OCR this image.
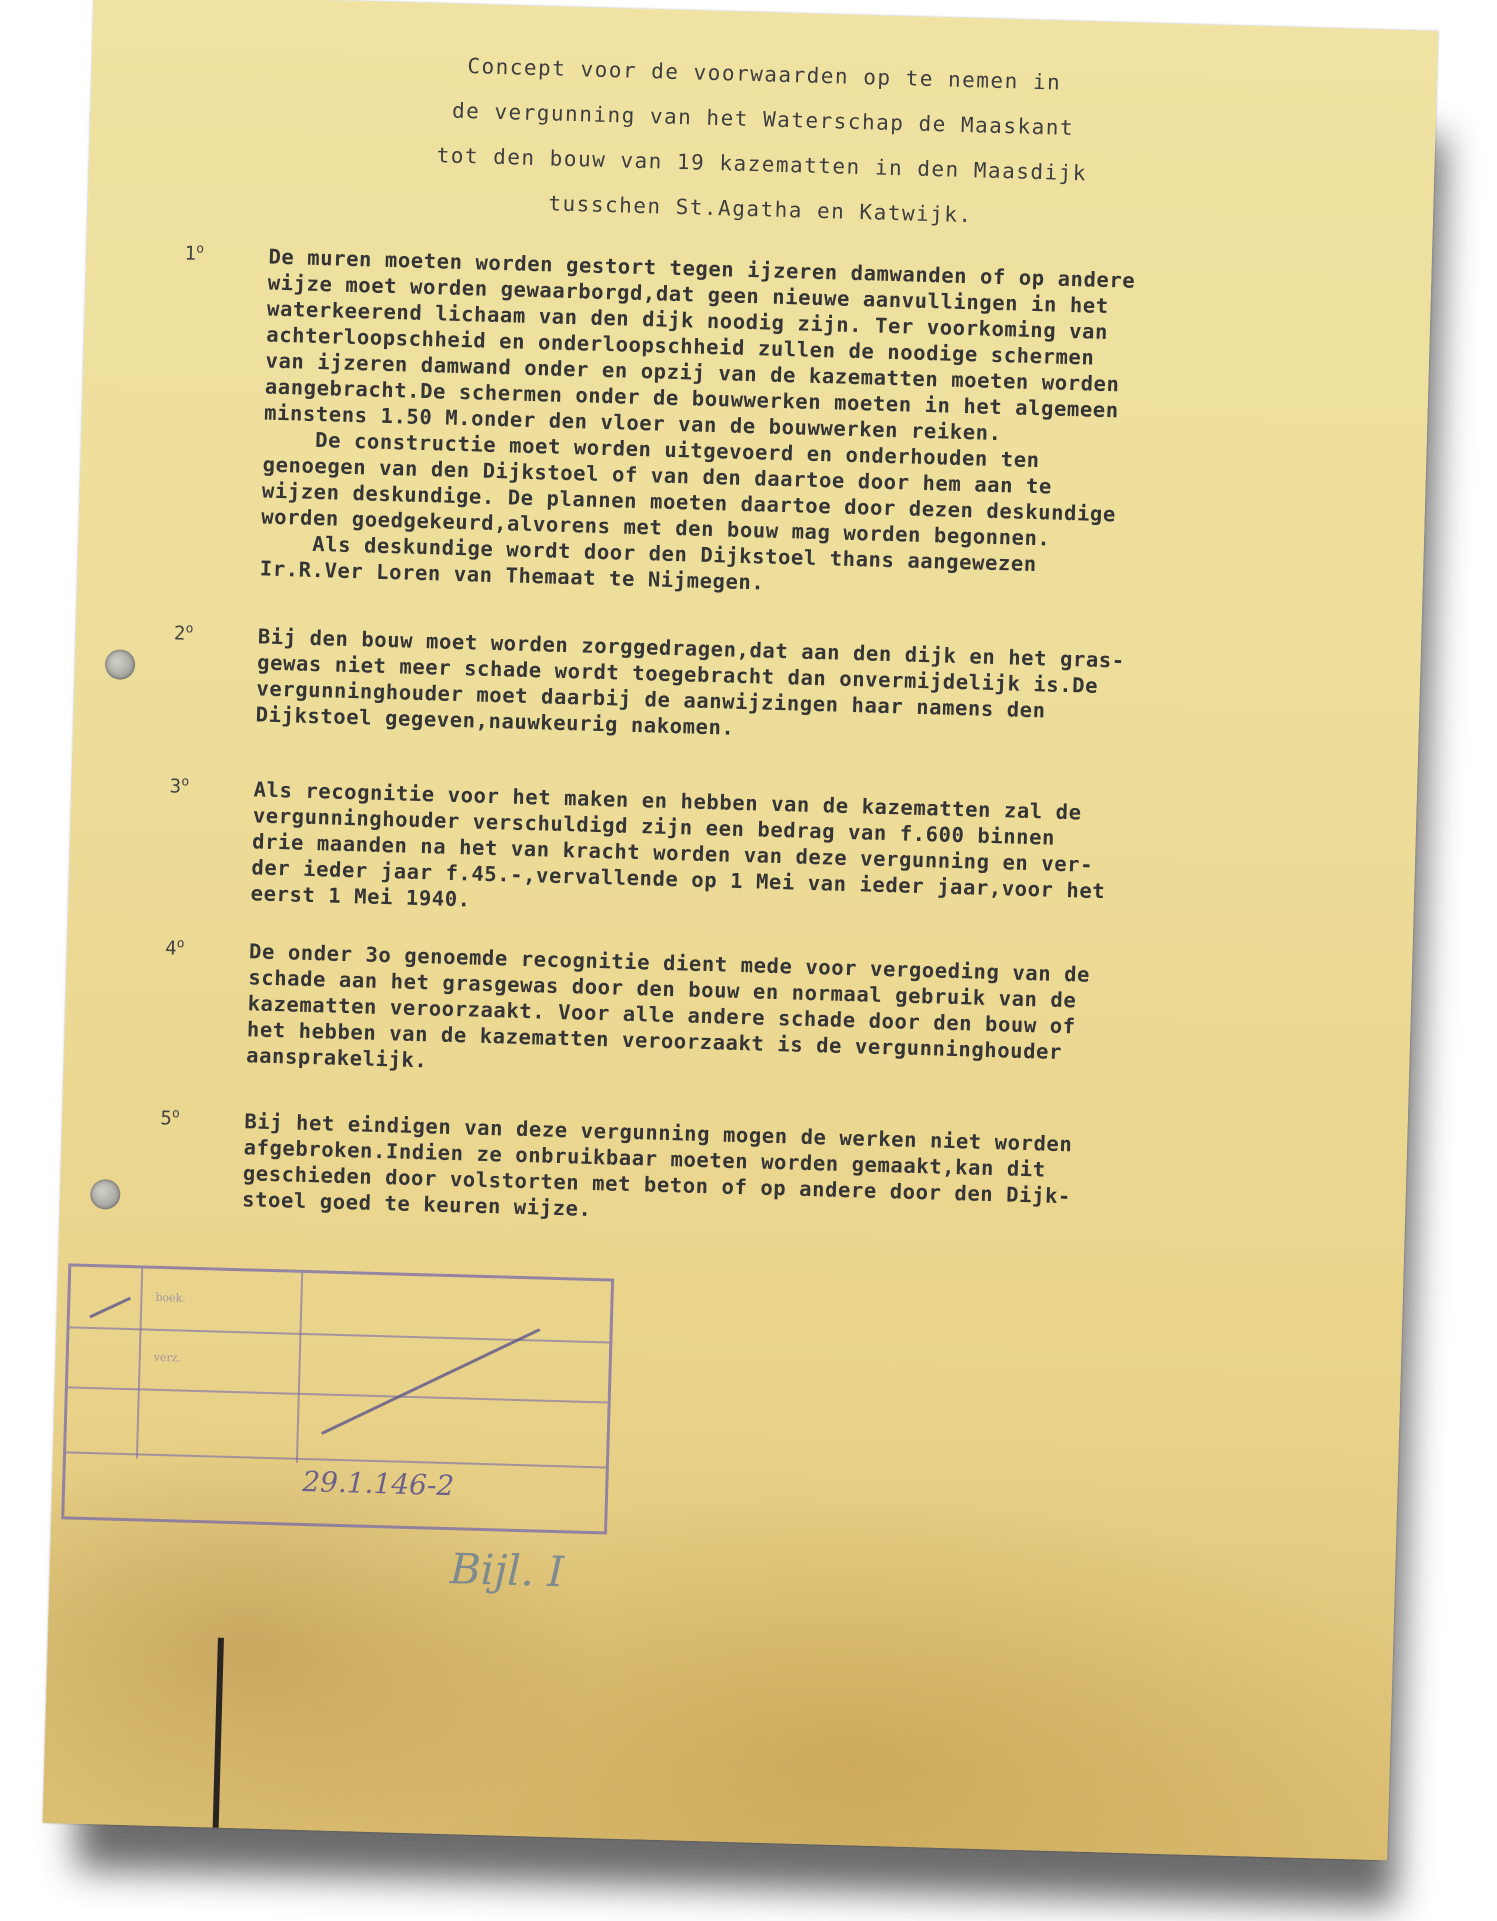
Concept voor de voorwaarden op te nemen in
de vergunning van het Waterschap de Maaskant
tot den bouw van 19 kazematten in den Maasdijk
tusschen St.Agatha en Katwijk.
1$^o$	De muren moeten worden gestort tegen ijzeren damwanden of op andere
wijze moet worden gewaarborgd,dat geen nieuwe aanvullingen in het
waterkeerend lichaam van den dijk noodig zijn. Ter voorkoming van
achterloopschheid en onderloopschheid zullen de noodige schermen
van ijzeren damwand onder en opzij van de kazematten moeten worden
aangebracht.De schermen onder de bouwwerken moeten in het algemeen
minstens 1.50 M.onder den vloer van de bouwwerken reiken.
De constructie moet worden uitgevoerd en onderhouden ten
genoegen van den Dijkstoel of van den daartoe door hem aan te
wijzen deskundige. De plannen moeten daartoe door dezen deskundige
worden goedgekeurd,alvorens met den bouw mag worden begonnen.
Als deskundige wordt door den Dijkstoel thans aangewezen
Ir.R.Ver Loren van Themaat te Nijmegen.
2$^o$	Bij den bouw moet worden zorggedragen,dat aan den dijk en het gras-
gewas niet meer schade wordt toegebracht dan onvermijdelijk is.De
vergunninghouder moet daarbij de aanwijzingen haar namens den
Dijkstoel gegeven,nauwkeurig nakomen.
3$^o$	Als recognitie voor het maken en hebben van de kazematten zal de
vergunninghouder verschuldigd zijn een bedrag van f.600 binnen
drie maanden na het van kracht worden van deze vergunning en ver-
der ieder jaar f.45.-,vervallende op 1 Mei van ieder jaar,voor het
eerst 1 Mei 1940.
4$^o$	De onder 3o genoemde recognitie dient mede voor vergoeding van de
schade aan het grasgewas door den bouw en normaal gebruik van de
kazematten veroorzaakt. Voor alle andere schade door den bouw of
het hebben van de kazematten veroorzaakt is de vergunninghouder
aansprakelijk.
5$^o$	Bij het eindigen van deze vergunning mogen de werken niet worden
afgebroken.Indien ze onbruikbaar moeten worden gemaakt,kan dit
geschieden door volstorten met beton of op andere door den Dijk-
stoel goed te keuren wijze.
boek.
verz.
29.1.146-2
Bijl. I
